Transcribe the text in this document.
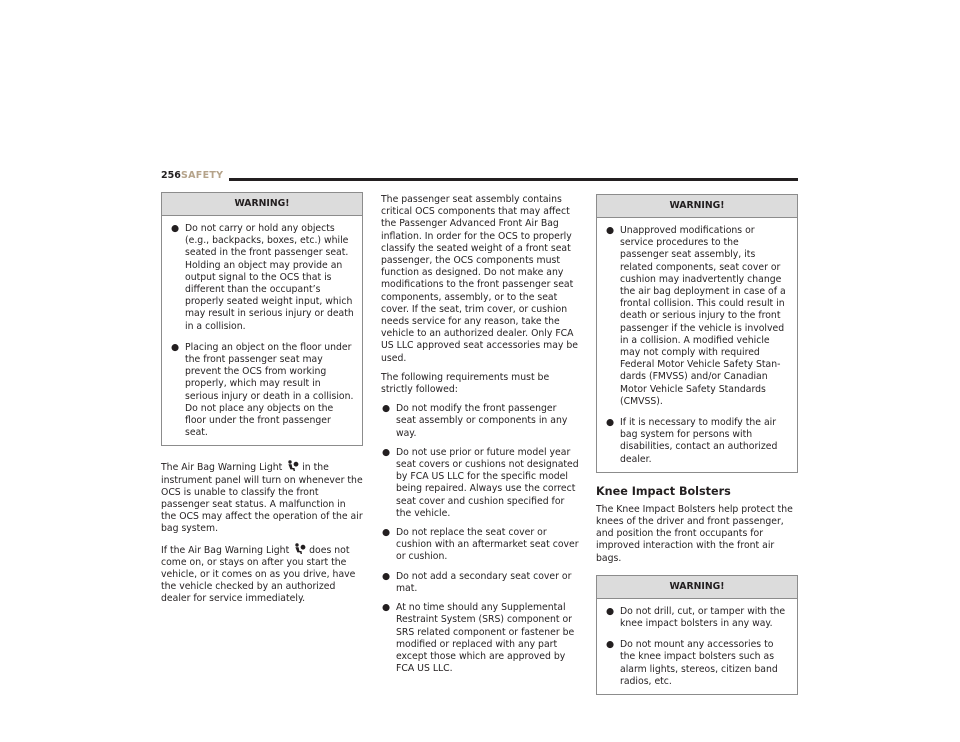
256 SAFETY
WARNING!
● Do not carry or hold any objects (e.g., backpacks, boxes, etc.) while seated in the front passenger seat. Holding an object may provide an output signal to the OCS that is different than the occupant’s properly seated weight input, which may result in serious injury or death in a collision.
● Placing an object on the floor under the front passenger seat may prevent the OCS from working properly, which may result in serious injury or death in a collision. Do not place any objects on the floor under the front passenger seat.

The Air Bag Warning Light in the instrument panel will turn on whenever the OCS is unable to classify the front passenger seat status. A malfunction in the OCS may affect the operation of the air bag system.

If the Air Bag Warning Light does not come on, or stays on after you start the vehicle, or it comes on as you drive, have the vehicle checked by an authorized dealer for service immediately.

The passenger seat assembly contains critical OCS components that may affect the Passenger Advanced Front Air Bag inflation. In order for the OCS to properly classify the seated weight of a front seat passenger, the OCS components must function as designed. Do not make any modifications to the front passenger seat components, assembly, or to the seat cover. If the seat, trim cover, or cushion needs service for any reason, take the vehicle to an authorized dealer. Only FCA US LLC approved seat accessories may be used.

The following requirements must be strictly followed:

● Do not modify the front passenger seat assembly or components in any way.
● Do not use prior or future model year seat covers or cushions not designated by FCA US LLC for the specific model being repaired. Always use the correct seat cover and cushion specified for the vehicle.
● Do not replace the seat cover or cushion with an aftermarket seat cover or cushion.
● Do not add a secondary seat cover or mat.
● At no time should any Supplemental Restraint System (SRS) component or SRS related component or fastener be modified or replaced with any part except those which are approved by FCA US LLC.
WARNING!
● Unapproved modifications or service procedures to the passenger seat assembly, its related components, seat cover or cushion may inadvertently change the air bag deployment in case of a frontal collision. This could result in death or serious injury to the front passenger if the vehicle is involved in a collision. A modified vehicle may not comply with required Federal Motor Vehicle Safety Standards (FMVSS) and/or Canadian Motor Vehicle Safety Standards (CMVSS).
● If it is necessary to modify the air bag system for persons with disabilities, contact an authorized dealer.
Knee Impact Bolsters

The Knee Impact Bolsters help protect the knees of the driver and front passenger, and position the front occupants for improved interaction with the front air bags.

WARNING!
● Do not drill, cut, or tamper with the knee impact bolsters in any way.
● Do not mount any accessories to the knee impact bolsters such as alarm lights, stereos, citizen band radios, etc.
